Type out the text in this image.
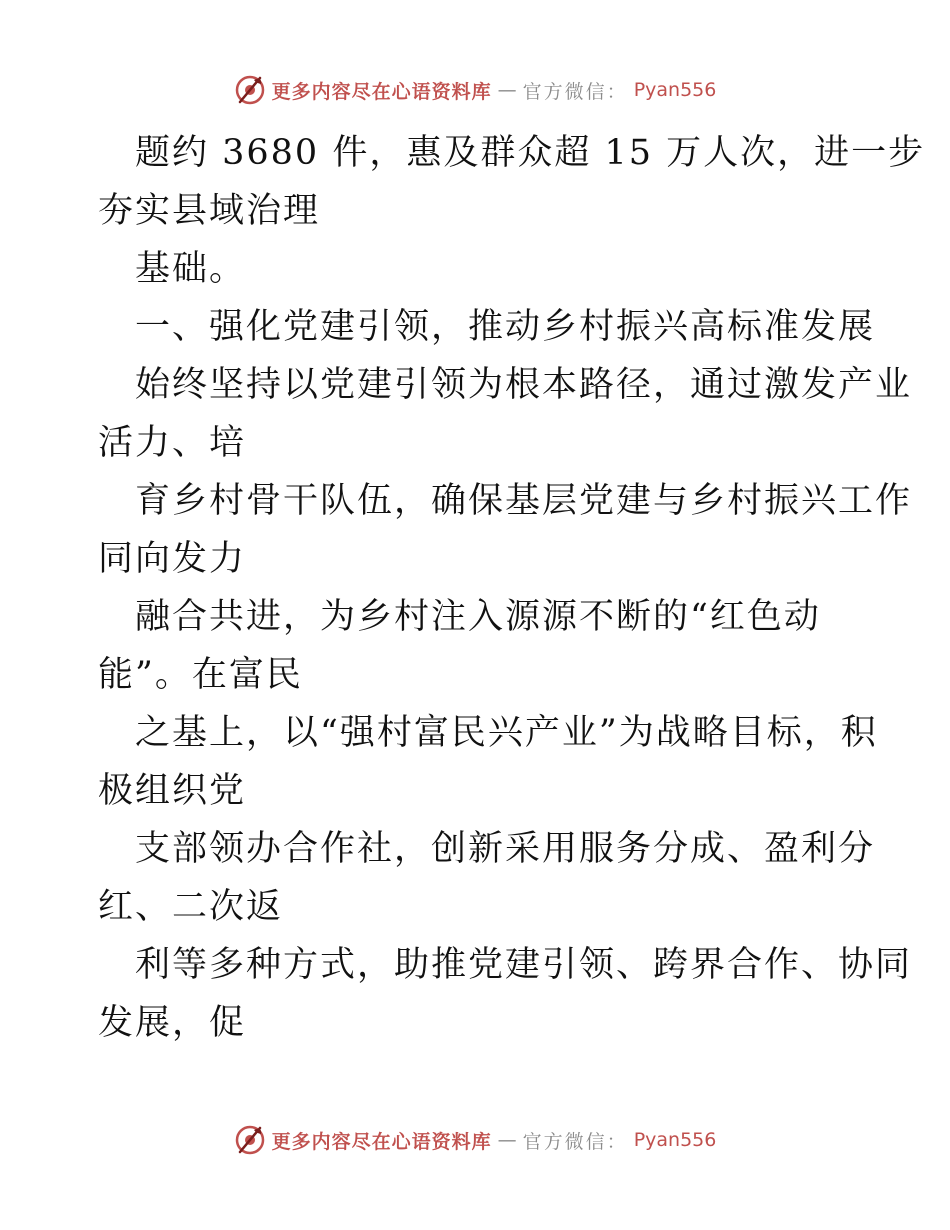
更多内容尽在心语资料库 — 官方微信： Pyan556
题约 3680 件，惠及群众超 15 万人次，进一步
夯实县域治理
基础。
一、强化党建引领，推动乡村振兴高标准发展
始终坚持以党建引领为根本路径，通过激发产业
活力、培
育乡村骨干队伍，确保基层党建与乡村振兴工作
同向发力
融合共进，为乡村注入源源不断的“红色动
能”。在富民
之基上，以“强村富民兴产业”为战略目标，积
极组织党
支部领办合作社，创新采用服务分成、盈利分
红、二次返
利等多种方式，助推党建引领、跨界合作、协同
发展，促
更多内容尽在心语资料库 — 官方微信： Pyan556
